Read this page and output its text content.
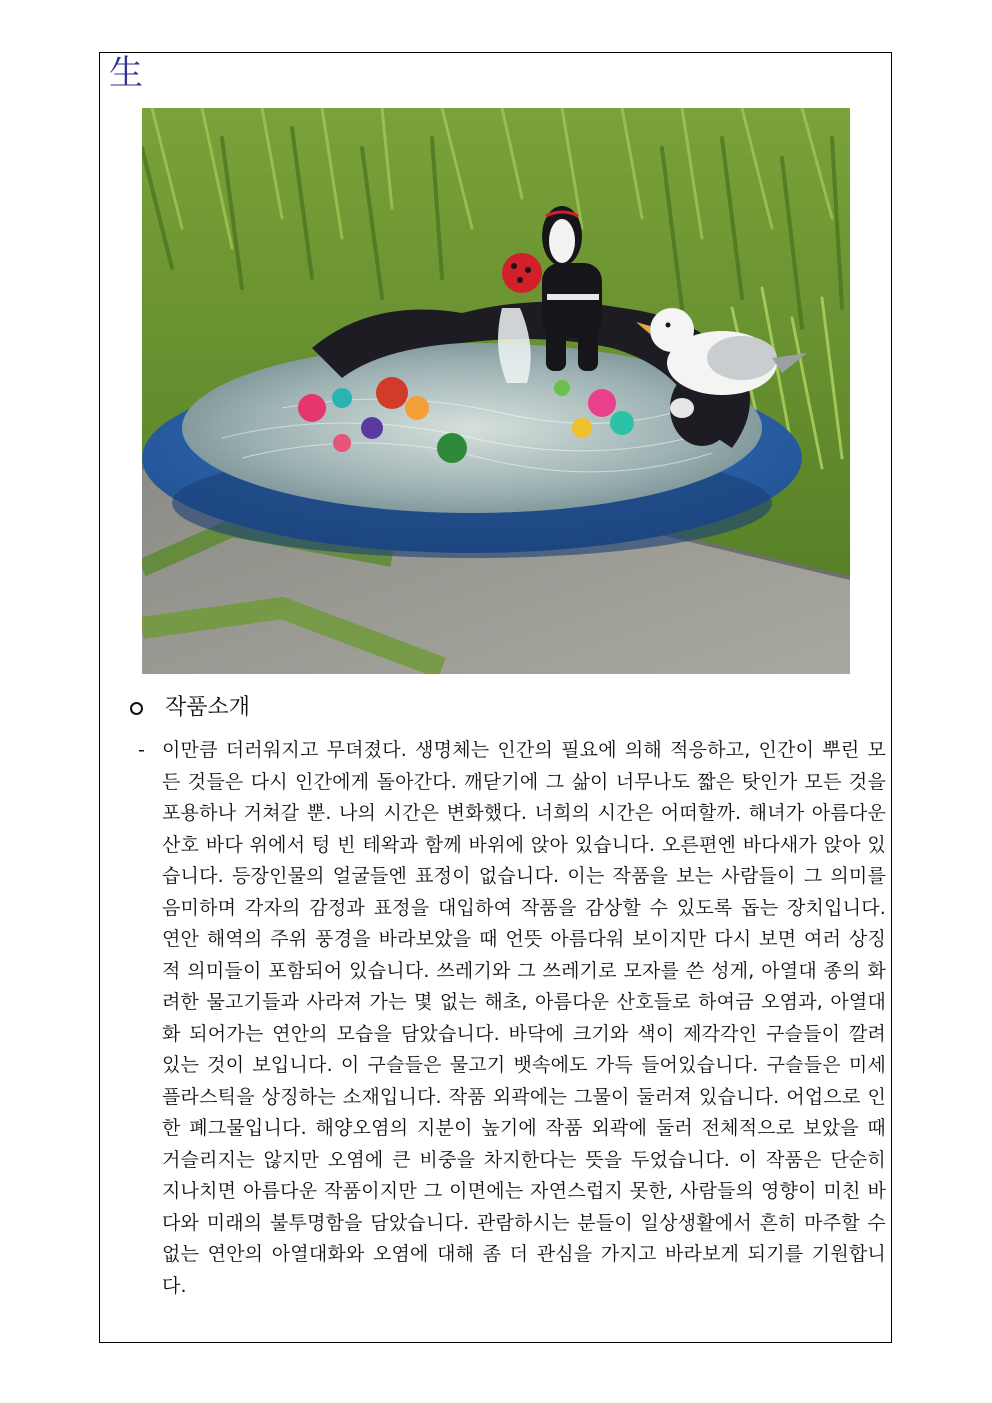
生
작품소개
- 이만큼 더러워지고 무뎌졌다. 생명체는 인간의 필요에 의해 적응하고, 인간이 뿌린 모든 것들은 다시 인간에게 돌아간다. 깨닫기에 그 삶이 너무나도 짧은 탓인가 모든 것을 포용하나 거쳐갈 뿐. 나의 시간은 변화했다. 너희의 시간은 어떠할까. 해녀가 아름다운 산호 바다 위에서 텅 빈 테왁과 함께 바위에 앉아 있습니다. 오른편엔 바다새가 앉아 있습니다. 등장인물의 얼굴들엔 표정이 없습니다. 이는 작품을 보는 사람들이 그 의미를 음미하며 각자의 감정과 표정을 대입하여 작품을 감상할 수 있도록 돕는 장치입니다. 연안 해역의 주위 풍경을 바라보았을 때 언뜻 아름다워 보이지만 다시 보면 여러 상징적 의미들이 포함되어 있습니다. 쓰레기와 그 쓰레기로 모자를 쓴 성게, 아열대 종의 화려한 물고기들과 사라져 가는 몇 없는 해초, 아름다운 산호들로 하여금 오염과, 아열대 화 되어가는 연안의 모습을 담았습니다. 바닥에 크기와 색이 제각각인 구슬들이 깔려 있는 것이 보입니다. 이 구슬들은 물고기 뱃속에도 가득 들어있습니다. 구슬들은 미세 플라스틱을 상징하는 소재입니다. 작품 외곽에는 그물이 둘러져 있습니다. 어업으로 인한 폐그물입니다. 해양오염의 지분이 높기에 작품 외곽에 둘러 전체적으로 보았을 때 거슬리지는 않지만 오염에 큰 비중을 차지한다는 뜻을 두었습니다. 이 작품은 단순히 지나치면 아름다운 작품이지만 그 이면에는 자연스럽지 못한, 사람들의 영향이 미친 바다와 미래의 불투명함을 담았습니다. 관람하시는 분들이 일상생활에서 흔히 마주할 수 없는 연안의 아열대화와 오염에 대해 좀 더 관심을 가지고 바라보게 되기를 기원합니다.
